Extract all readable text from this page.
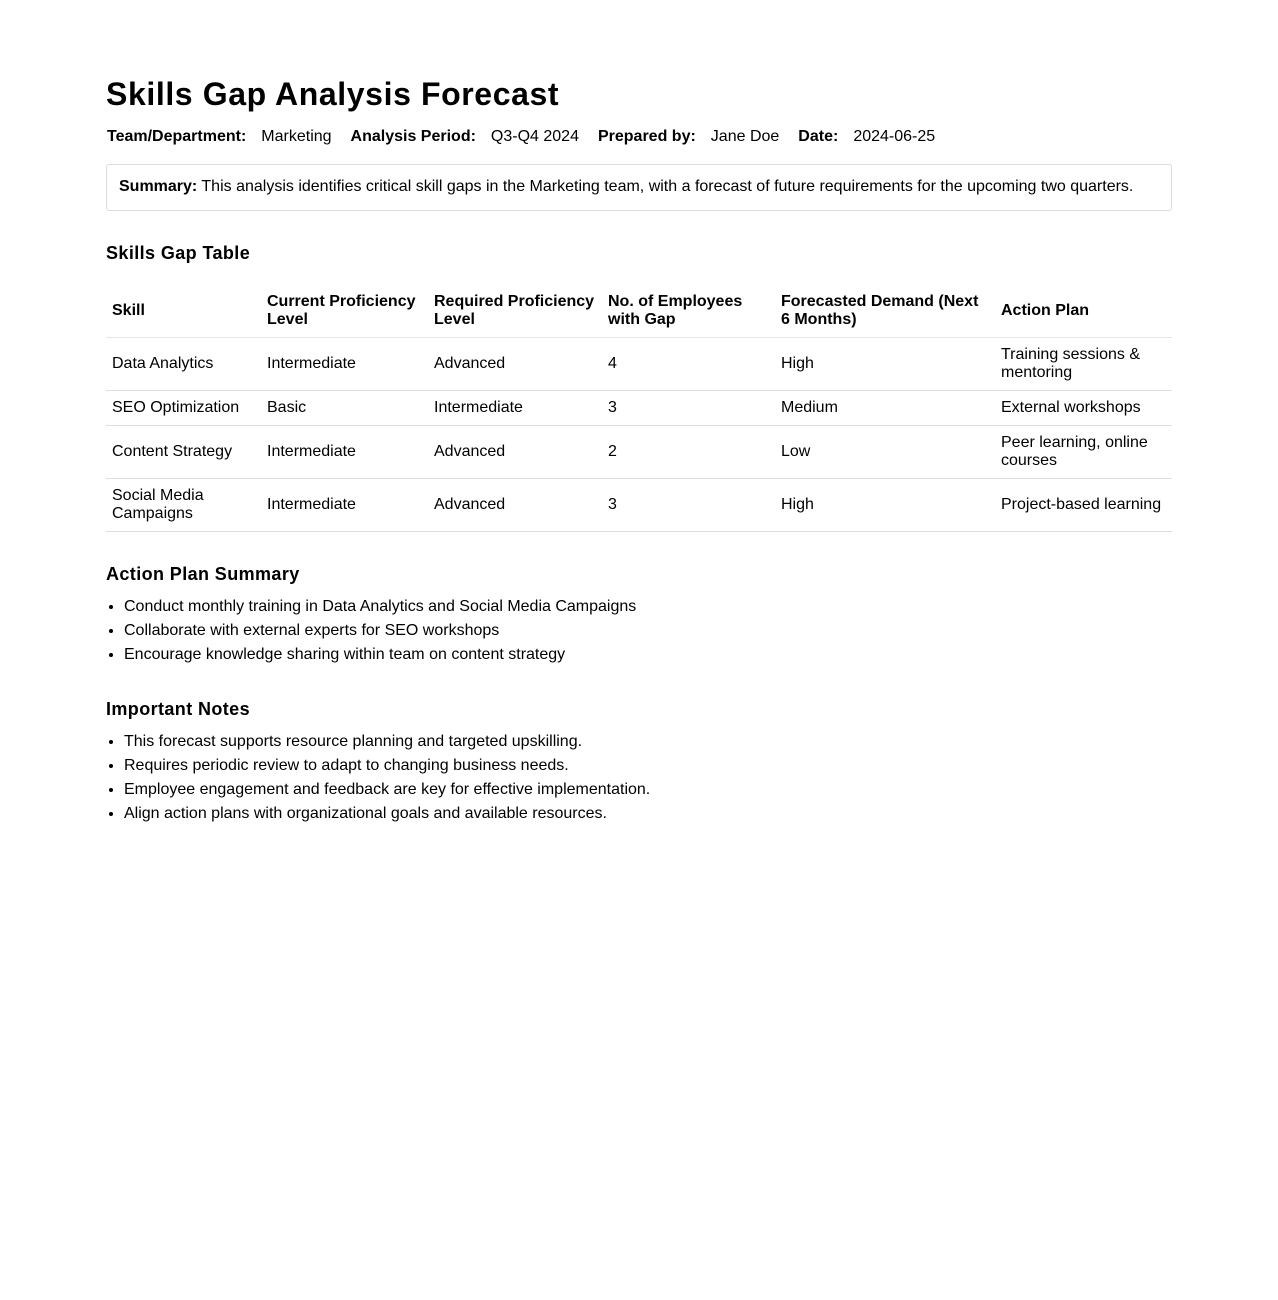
Skills Gap Analysis Forecast
Team/Department: Marketing Analysis Period: Q3-Q4 2024 Prepared by: Jane Doe Date: 2024-06-25
Summary: This analysis identifies critical skill gaps in the Marketing team, with a forecast of future requirements for the upcoming two quarters.
Skills Gap Table
Skill	Current Proficiency Level	Required Proficiency Level	No. of Employees with Gap	Forecasted Demand (Next 6 Months)	Action Plan
Data Analytics	Intermediate	Advanced	4	High	Training sessions & mentoring
SEO Optimization	Basic	Intermediate	3	Medium	External workshops
Content Strategy	Intermediate	Advanced	2	Low	Peer learning, online courses
Social Media Campaigns	Intermediate	Advanced	3	High	Project-based learning
Action Plan Summary
• Conduct monthly training in Data Analytics and Social Media Campaigns
• Collaborate with external experts for SEO workshops
• Encourage knowledge sharing within team on content strategy
Important Notes
• This forecast supports resource planning and targeted upskilling.
• Requires periodic review to adapt to changing business needs.
• Employee engagement and feedback are key for effective implementation.
• Align action plans with organizational goals and available resources.
